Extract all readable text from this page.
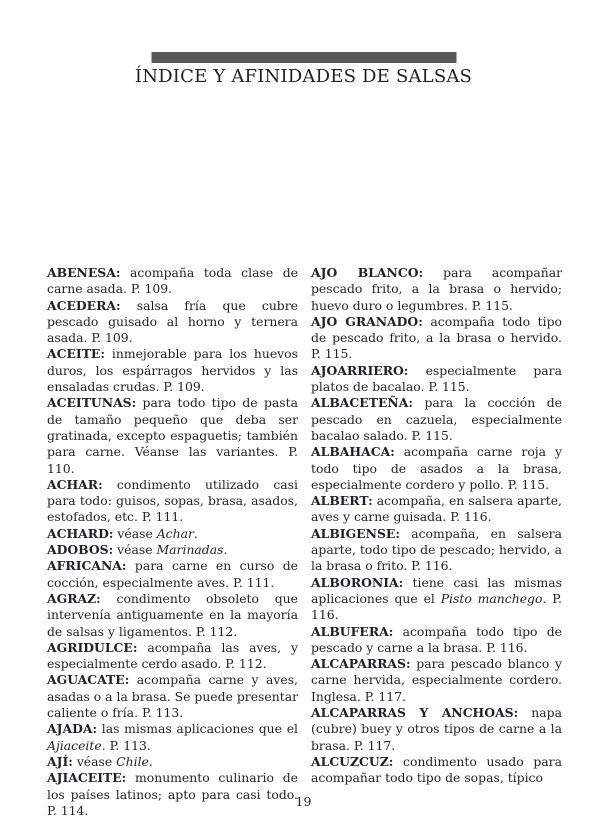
ÍNDICE Y AFINIDADES DE SALSAS

ABENESA: acompaña toda clase de carne asada. P. 109.

ACEDERA: salsa fría que cubre pescado guisado al horno y ternera asada. P. 109.

ACEITE: inmejorable para los huevos duros, los espárragos hervidos y las ensaladas crudas. P. 109.

ACEITUNAS: para todo tipo de pasta de tamaño pequeño que deba ser gratinada, excepto espaguetis; también para carne. Véanse las variantes. P. 110.

ACHAR: condimento utilizado casi para todo: guisos, sopas, brasa, asados, estofados, etc. P. 111.

ACHARD: véase Achar.

ADOBOS: véase Marinadas.

AFRICANA: para carne en curso de cocción, especialmente aves. P. 111.

AGRAZ: condimento obsoleto que intervenía antiguamente en la mayoría de salsas y ligamentos. P. 112.

AGRIDULCE: acompaña las aves, y especialmente cerdo asado. P. 112.

AGUACATE: acompaña carne y aves, asadas o a la brasa. Se puede presentar caliente o fría. P. 113.

AJADA: las mismas aplicaciones que el Ajiaceite. P. 113.

AJÍ: véase Chile.

AJIACEITE: monumento culinario de los países latinos; apto para casi todo. P. 114.

AJO BLANCO: para acompañar pescado frito, a la brasa o hervido; huevo duro o legumbres. P. 115.

AJO GRANADO: acompaña todo tipo de pescado frito, a la brasa o hervido. P. 115.

AJOARRIERO: especialmente para platos de bacalao. P. 115.

ALBACETEÑA: para la cocción de pescado en cazuela, especialmente bacalao salado. P. 115.

ALBAHACA: acompaña carne roja y todo tipo de asados a la brasa, especialmente cordero y pollo. P. 115.

ALBERT: acompaña, en salsera aparte, aves y carne guisada. P. 116.

ALBIGENSE: acompaña, en salsera aparte, todo tipo de pescado; hervido, a la brasa o frito. P. 116.

ALBORONIA: tiene casi las mismas aplicaciones que el Pisto manchego. P. 116.

ALBUFERA: acompaña todo tipo de pescado y carne a la brasa. P. 116.

ALCAPARRAS: para pescado blanco y carne hervida, especialmente cordero. Inglesa. P. 117.

ALCAPARRAS Y ANCHOAS: napa (cubre) buey y otros tipos de carne a la brasa. P. 117.

ALCUZCUZ: condimento usado para acompañar todo tipo de sopas, típico

19
